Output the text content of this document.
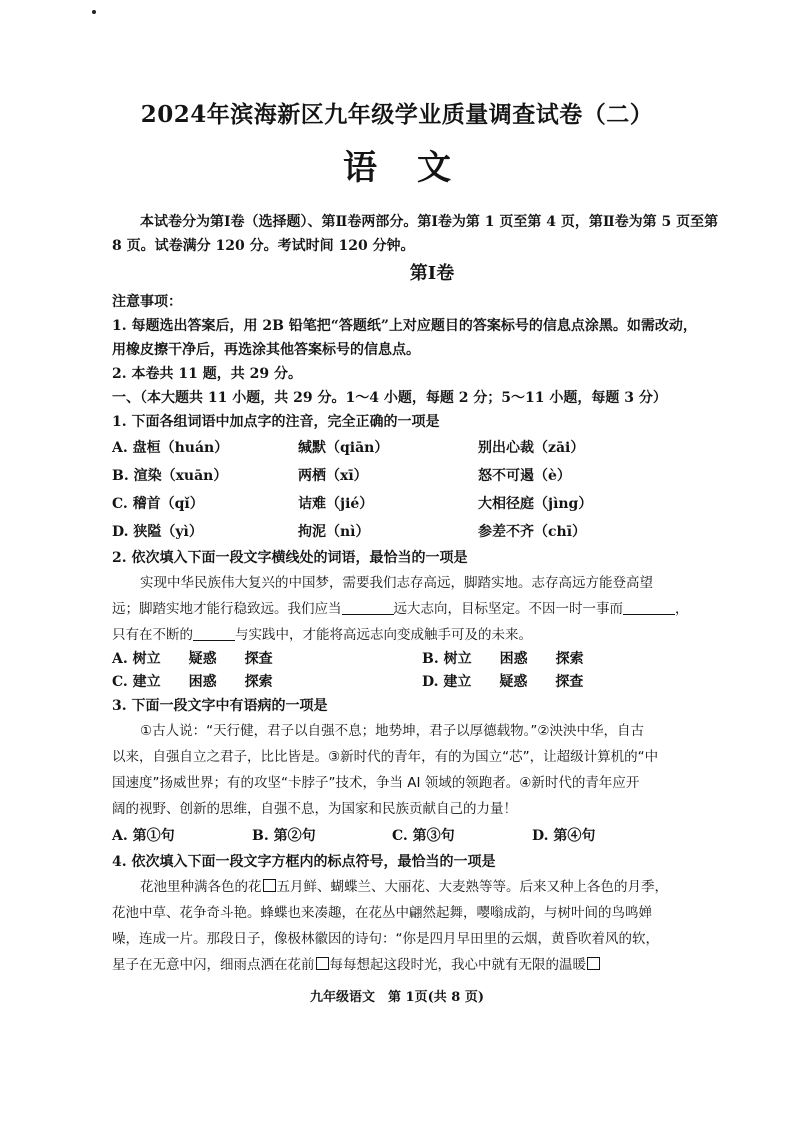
2024年滨海新区九年级学业质量调查试卷（二）
语文
本试卷分为第Ⅰ卷（选择题）、第Ⅱ卷两部分。第Ⅰ卷为第 1 页至第 4 页，第Ⅱ卷为第 5 页至第
8 页。试卷满分 120 分。考试时间 120 分钟。
第Ⅰ卷
注意事项：
1. 每题选出答案后，用 2B 铅笔把“答题纸”上对应题目的答案标号的信息点涂黑。如需改动，
用橡皮擦干净后，再选涂其他答案标号的信息点。
2. 本卷共 11 题，共 29 分。
一、（本大题共 11 小题，共 29 分。1～4 小题，每题 2 分；5～11 小题，每题 3 分）
1. 下面各组词语中加点字的注音，完全正确的一项是
A. 盘桓（huán）	缄默（qiān）	别出心裁（zāi）
B. 渲染（xuān）	两栖（xī）	怒不可遏（è）
C. 稽首（qǐ）	诘难（jié）	大相径庭（jìng）
D. 狭隘（yì）	拘泥（nì）	参差不齐（chī）
2. 依次填入下面一段文字横线处的词语，最恰当的一项是
实现中华民族伟大复兴的中国梦，需要我们志存高远，脚踏实地。志存高远方能登高望
远；脚踏实地才能行稳致远。我们应当	远大志向，目标坚定。不因一时一事而	，
只有在不断的	与实践中，才能将高远志向变成触手可及的未来。
A. 树立　　疑惑　　探查	B. 树立　　困惑　　探索
C. 建立　　困惑　　探索	D. 建立　　疑惑　　探查
3. 下面一段文字中有语病的一项是
①古人说：“天行健，君子以自强不息；地势坤，君子以厚德载物。”②泱泱中华，自古
以来，自强自立之君子，比比皆是。③新时代的青年，有的为国立“芯”，让超级计算机的“中
国速度”扬威世界；有的攻坚“卡脖子”技术，争当 AI 领域的领跑者。④新时代的青年应开
阔的视野、创新的思维，自强不息，为国家和民族贡献自己的力量！
A. 第①句	B. 第②句	C. 第③句	D. 第④句
4. 依次填入下面一段文字方框内的标点符号，最恰当的一项是
花池里种满各色的花 五月鲜、蝴蝶兰、大丽花、大麦熟等等。后来又种上各色的月季，
花池中草、花争奇斗艳。蜂蝶也来凑趣，在花丛中翩然起舞，嘤嗡成韵，与树叶间的鸟鸣婵
噪，连成一片。那段日子，像极林徽因的诗句：“你是四月早田里的云烟，黄昏吹着风的软，
星子在无意中闪，细雨点洒在花前 每每想起这段时光，我心中就有无限的温暖
九年级语文　第 1页(共 8 页)
